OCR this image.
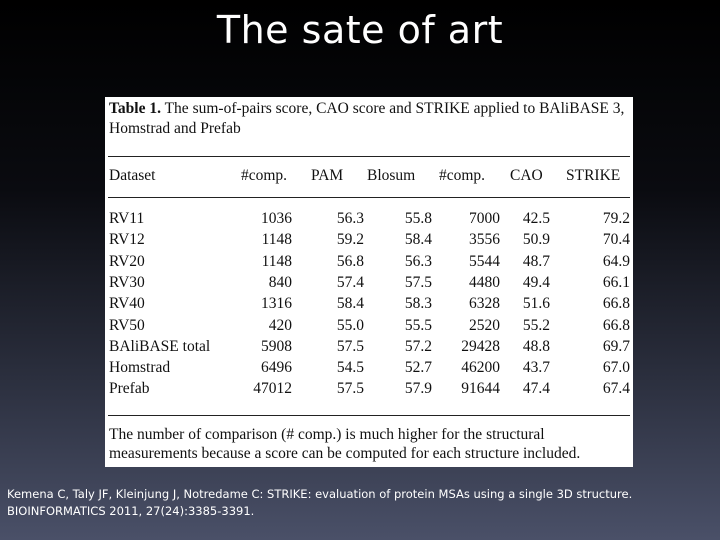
The sate of art
Table 1. The sum-of-pairs score, CAO score and STRIKE applied to BAliBASE 3, Homstrad and Prefab
Dataset	#comp. PAM Blosum #comp. CAO STRIKE
RV11	1036	56.3	55.8 7000 42.5	79.2
RV12	1148	59.2	58.4 3556 50.9	70.4
RV20	1148	56.8	56.3 5544 48.7	64.9
RV30	840	57.4	57.5 4480 49.4	66.1
RV40	1316	58.4	58.3 6328 51.6	66.8
RV50	420	55.0	55.5 2520 55.2	66.8
BAliBASE total	5908	57.5	57.2 29428 48.8	69.7
Homstrad	6496	54.5	52.7 46200 43.7	67.0
Prefab	47012	57.5	57.9 91644 47.4	67.4
The number of comparison (# comp.) is much higher for the structural measurements because a score can be computed for each structure included.
Kemena C, Taly JF, Kleinjung J, Notredame C: STRIKE: evaluation of protein MSAs using a single 3D structure.
BIOINFORMATICS 2011, 27(24):3385-3391.
